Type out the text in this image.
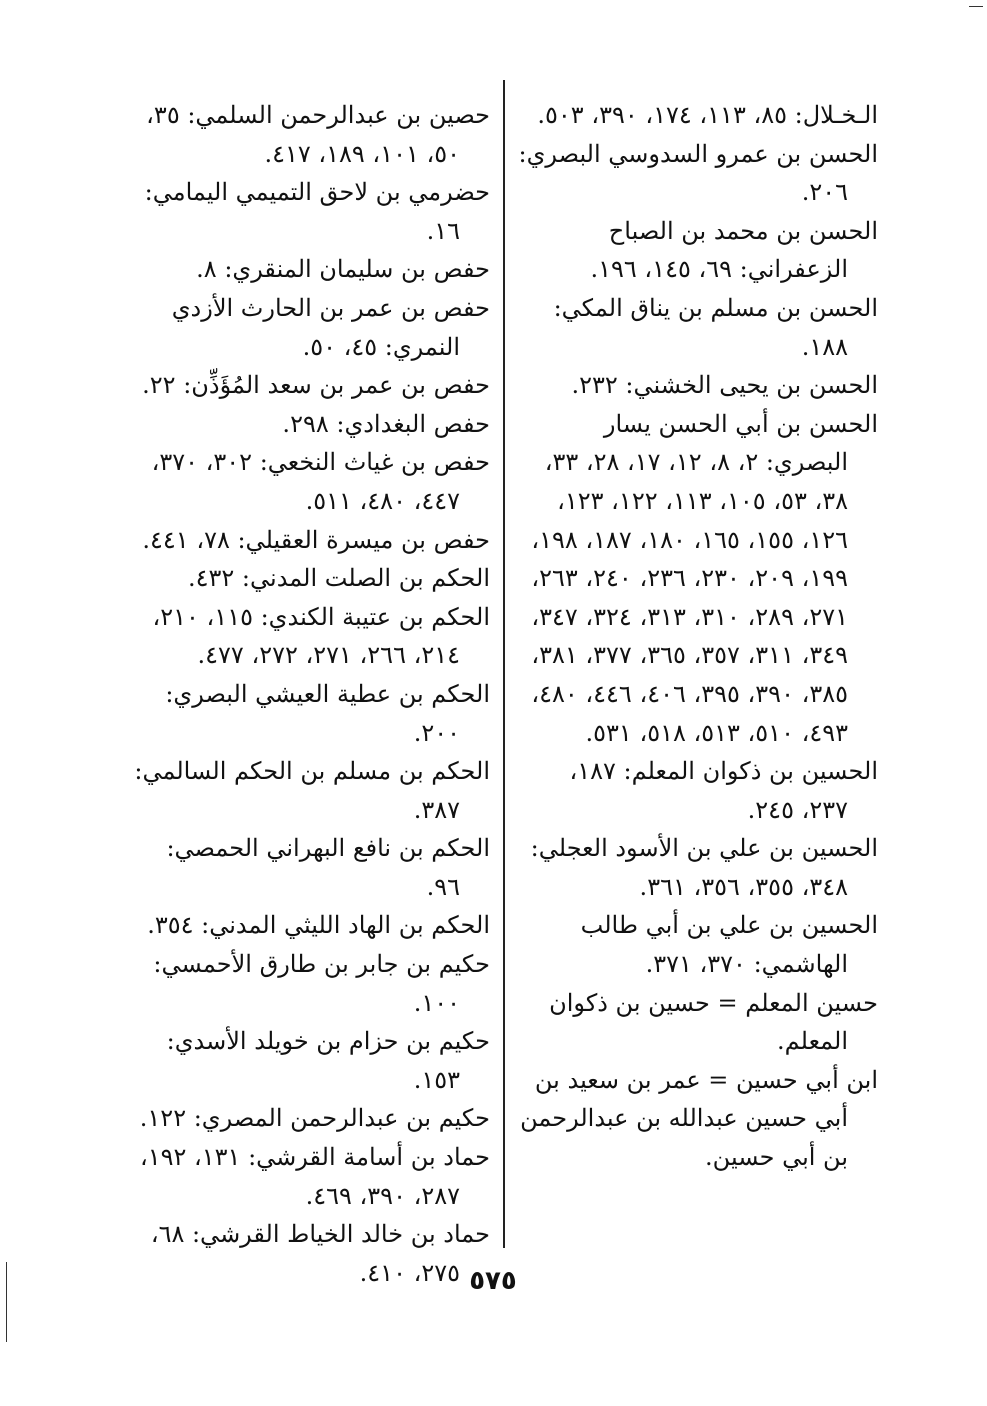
الـخـلال: ٨٥، ١١٣، ١٧٤، ٣٩٠، ٥٠٣.

الحسن بن عمرو السدوسي البصري: ٢٠٦.

الحسن بن محمد بن الصباح الزعفراني: ٦٩، ١٤٥، ١٩٦.

الحسن بن مسلم بن يناق المكي: ١٨٨.

الحسن بن يحيى الخشني: ٢٣٢.

الحسن بن أبي الحسن يسار البصري: ٢، ٨، ١٢، ١٧، ٢٨، ٣٣، ٣٨، ٥٣، ١٠٥، ١١٣، ١٢٢، ١٢٣، ١٢٦، ١٥٥، ١٦٥، ١٨٠، ١٨٧، ١٩٨، ١٩٩، ٢٠٩، ٢٣٠، ٢٣٦، ٢٤٠، ٢٦٣، ٢٧١، ٢٨٩، ٣١٠، ٣١٣، ٣٢٤، ٣٤٧، ٣٤٩، ٣١١، ٣٥٧، ٣٦٥، ٣٧٧، ٣٨١، ٣٨٥، ٣٩٠، ٣٩٥، ٤٠٦، ٤٤٦، ٤٨٠، ٤٩٣، ٥١٠، ٥١٣، ٥١٨، ٥٣١.

الحسين بن ذكوان المعلم: ١٨٧، ٢٣٧، ٢٤٥.

الحسين بن علي بن الأسود العجلي: ٣٤٨، ٣٥٥، ٣٥٦، ٣٦١.

الحسين بن علي بن أبي طالب الهاشمي: ٣٧٠، ٣٧١.

حسين المعلم = حسين بن ذكوان المعلم.

ابن أبي حسين = عمر بن سعيد بن أبي حسين عبدالله بن عبدالرحمن بن أبي حسين.

حصين بن عبدالرحمن السلمي: ٣٥، ٥٠، ١٠١، ١٨٩، ٤١٧.

حضرمي بن لاحق التميمي اليمامي: ١٦.

حفص بن سليمان المنقري: ٨.

حفص بن عمر بن الحارث الأزدي النمري: ٤٥، ٥٠.

حفص بن عمر بن سعد المُؤَذِّن: ٢٢.

حفص البغدادي: ٢٩٨.

حفص بن غياث النخعي: ٣٠٢، ٣٧٠، ٤٤٧، ٤٨٠، ٥١١.

حفص بن ميسرة العقيلي: ٧٨، ٤٤١.

الحكم بن الصلت المدني: ٤٣٢.

الحكم بن عتيبة الكندي: ١١٥، ٢١٠، ٢١٤، ٢٦٦، ٢٧١، ٢٧٢، ٤٧٧.

الحكم بن عطية العيشي البصري: ٢٠٠.

الحكم بن مسلم بن الحكم السالمي: ٣٨٧.

الحكم بن نافع البهراني الحمصي: ٩٦.

الحكم بن الهاد الليثي المدني: ٣٥٤.

حكيم بن جابر بن طارق الأحمسي: ١٠٠.

حكيم بن حزام بن خويلد الأسدي: ١٥٣.

حكيم بن عبدالرحمن المصري: ١٢٢.

حماد بن أسامة القرشي: ١٣١، ١٩٢، ٢٨٧، ٣٩٠، ٤٦٩.

حماد بن خالد الخياط القرشي: ٦٨، ٢٧٥، ٤١٠. ٥٧٥
